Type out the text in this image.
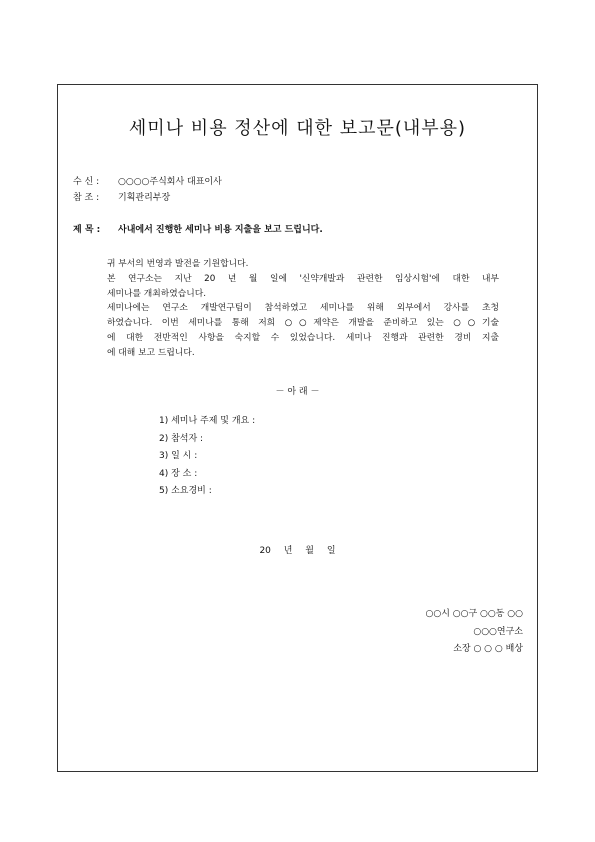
세미나 비용 정산에 대한 보고문(내부용)
수 신 : ○○○○주식회사 대표이사
참 조 : 기획관리부장
제 목 : 사내에서 진행한 세미나 비용 지출을 보고 드립니다.
귀 부서의 번영과 발전을 기원합니다.
본 연구소는 지난 20 년 월 일에 '신약개발과 관련한 임상시험'에 대한 내부
세미나를 개최하였습니다.
세미나에는 연구소 개발연구팀이 참석하였고 세미나를 위해 외부에서 강사를 초청
하였습니다. 이번 세미나를 통해 저희 ○○제약은 개발을 준비하고 있는 ○○기술
에 대한 전반적인 사항을 숙지할 수 있었습니다. 세미나 진행과 관련한 경비 지출
에 대해 보고 드립니다.
－ 아 래 －
1) 세미나 주제 및 개요 :
2) 참석자 :
3) 일 시 :
4) 장 소 :
5) 소요경비 :
20 년 월 일
○○시 ○○구 ○○동 ○○
○○○연구소
소장 ○ ○ ○ 배상
